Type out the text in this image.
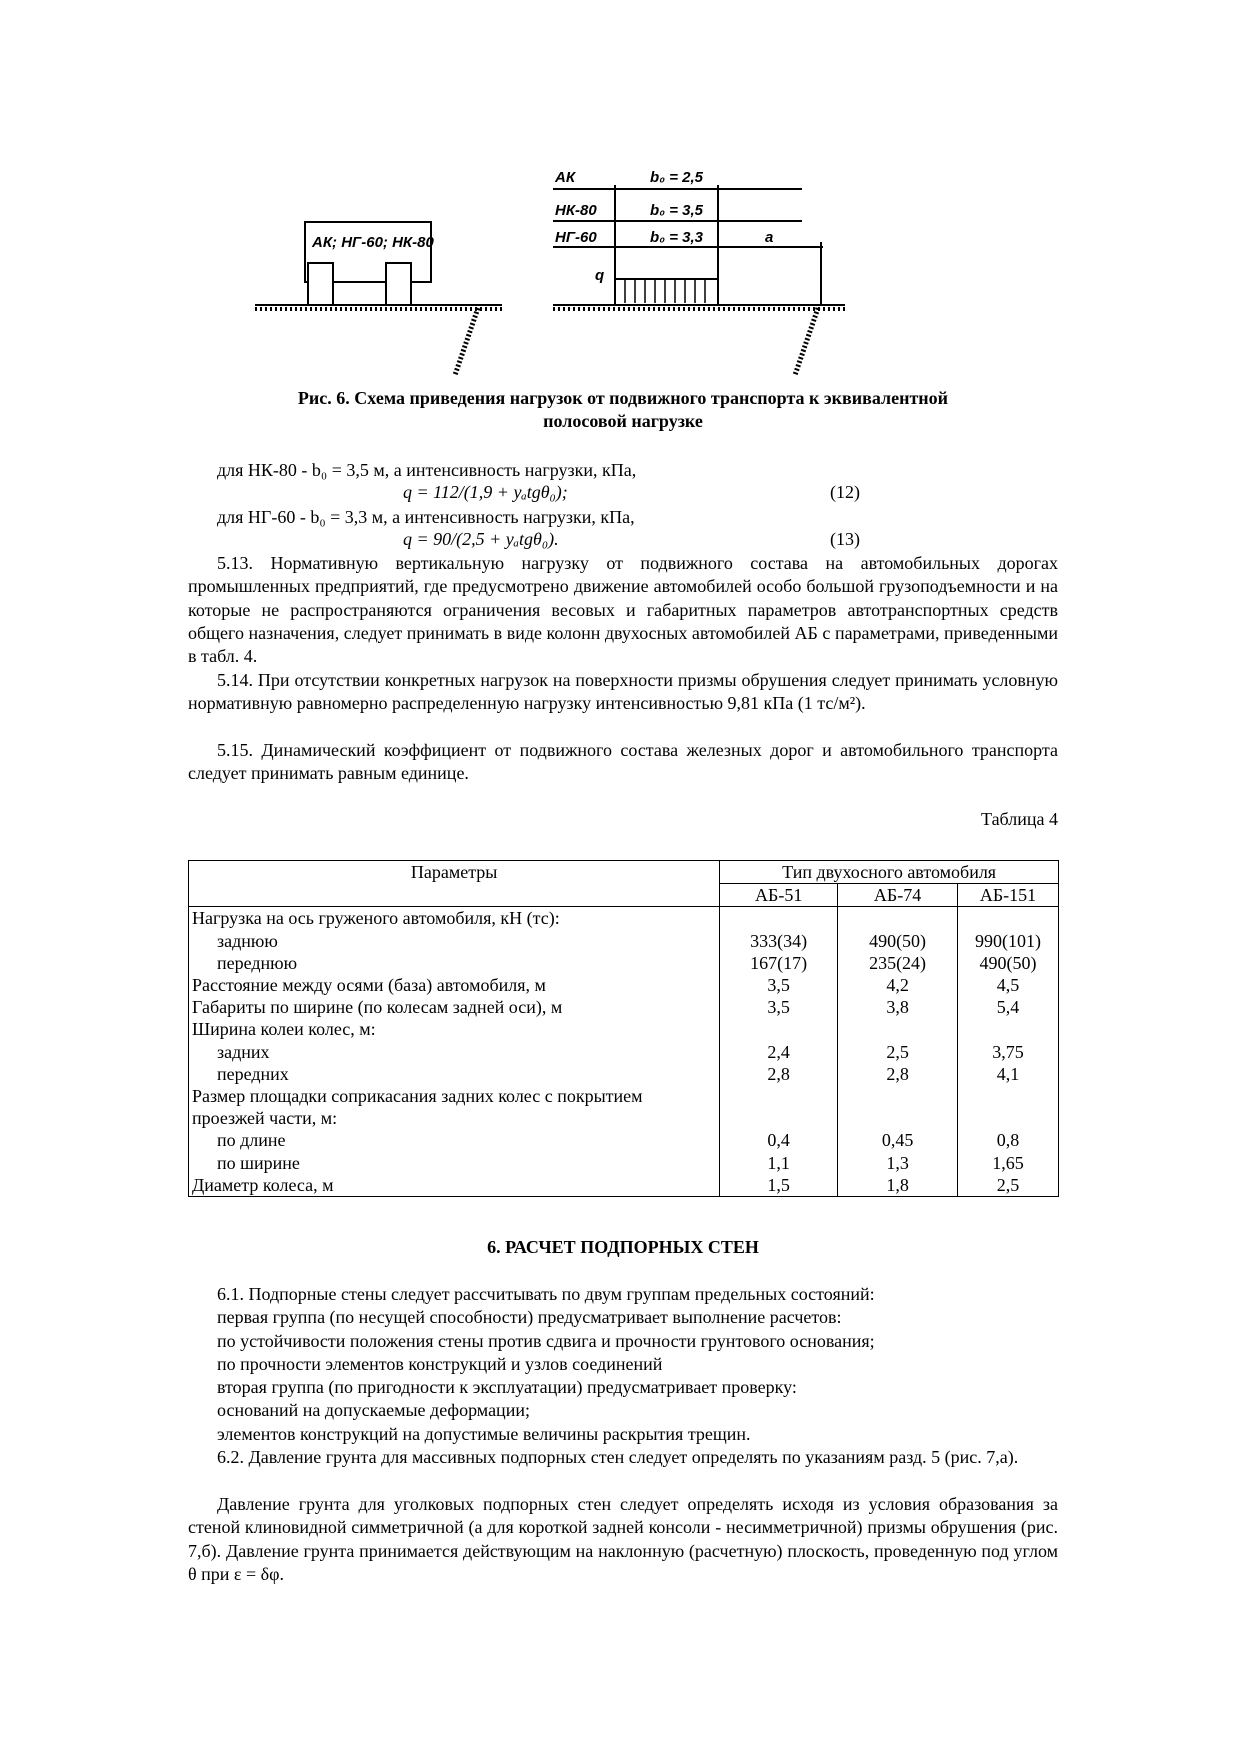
АК; НГ-60; НК-80
АК
НК-80
НГ-60
b₀ = 2,5
b₀ = 3,5
b₀ = 3,3	a
q
Рис. 6. Схема приведения нагрузок от подвижного транспорта к эквивалентной
полосовой нагрузке
для НК-80 - b₀ = 3,5 м, а интенсивность нагрузки, кПа,
q = 112/(1,9 + yₐtgθ₀);	(12)
для НГ-60 - b₀ = 3,3 м, а интенсивность нагрузки, кПа,
q = 90/(2,5 + yₐtgθ₀).	(13)
5.13. Нормативную вертикальную нагрузку от подвижного состава на автомобильных дорогах промышленных предприятий, где предусмотрено движение автомобилей особо большой грузоподъемности и на которые не распространяются ограничения весовых и габаритных параметров автотранспортных средств общего назначения, следует принимать в виде колонн двухосных автомобилей АБ с параметрами, приведенными в табл. 4.
5.14. При отсутствии конкретных нагрузок на поверхности призмы обрушения следует принимать условную нормативную равномерно распределенную нагрузку интенсивностью 9,81 кПа (1 тс/м²).
5.15. Динамический коэффициент от подвижного состава железных дорог и автомобильного транспорта следует принимать равным единице.
Таблица 4
Параметры	Тип двухосного автомобиля		
	АБ-51	АБ-74	АБ-151
Нагрузка на ось груженого автомобиля, кН (тс):			
заднюю	333(34)	490(50)	990(101)
переднюю	167(17)	235(24)	490(50)
Расстояние между осями (база) автомобиля, м	3,5	4,2	4,5
Габариты по ширине (по колесам задней оси), м	3,5	3,8	5,4
Ширина колеи колес, м:			
задних	2,4	2,5	3,75
передних	2,8	2,8	4,1
Размер площадки соприкасания задних колес с покрытием			
проезжей части, м:			
по длине	0,4	0,45	0,8
по ширине	1,1	1,3	1,65
Диаметр колеса, м	1,5	1,8	2,5
6. РАСЧЕТ ПОДПОРНЫХ СТЕН
6.1. Подпорные стены следует рассчитывать по двум группам предельных состояний:
первая группа (по несущей способности) предусматривает выполнение расчетов:
по устойчивости положения стены против сдвига и прочности грунтового основания;
по прочности элементов конструкций и узлов соединений
вторая группа (по пригодности к эксплуатации) предусматривает проверку:
оснований на допускаемые деформации;
элементов конструкций на допустимые величины раскрытия трещин.
6.2. Давление грунта для массивных подпорных стен следует определять по указаниям разд. 5 (рис. 7,а).
Давление грунта для уголковых подпорных стен следует определять исходя из условия образования за стеной клиновидной симметричной (а для короткой задней консоли - несимметричной) призмы обрушения (рис. 7,б). Давление грунта принимается действующим на наклонную (расчетную) плоскость, проведенную под углом θ при ε = δφ.
